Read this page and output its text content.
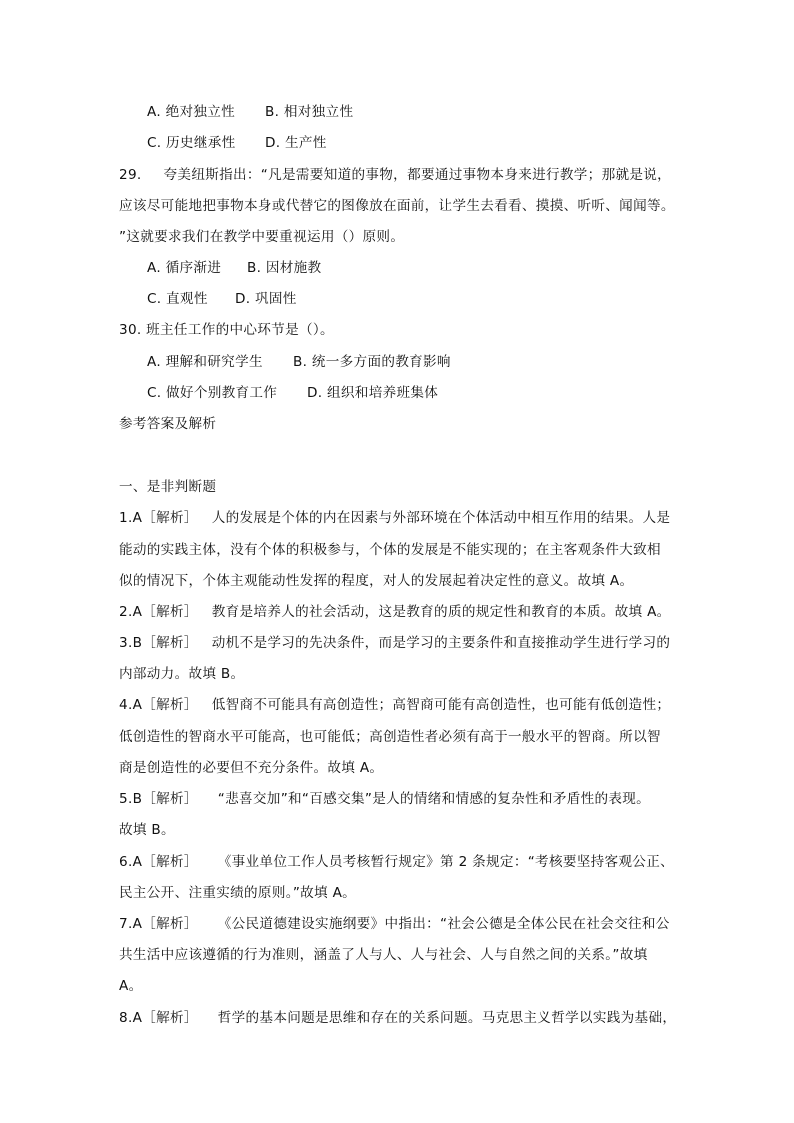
A. 绝对独立性 B. 相对独立性
C. 历史继承性 D. 生产性
29. 夸美纽斯指出：“凡是需要知道的事物，都要通过事物本身来进行教学；那就是说，
应该尽可能地把事物本身或代替它的图像放在面前，让学生去看看、摸摸、听听、闻闻等。
”这就要求我们在教学中要重视运用（）原则。
A. 循序渐进 B. 因材施教
C. 直观性 D. 巩固性
30. 班主任工作的中心环节是（）。
A. 理解和研究学生 B. 统一多方面的教育影响
C. 做好个别教育工作 D. 组织和培养班集体
参考答案及解析
一、是非判断题
1.A［解析］ 人的发展是个体的内在因素与外部环境在个体活动中相互作用的结果。人是
能动的实践主体，没有个体的积极参与，个体的发展是不能实现的；在主客观条件大致相
似的情况下，个体主观能动性发挥的程度，对人的发展起着决定性的意义。故填 A。
2.A［解析］ 教育是培养人的社会活动，这是教育的质的规定性和教育的本质。故填 A。
3.B［解析］ 动机不是学习的先决条件，而是学习的主要条件和直接推动学生进行学习的
内部动力。故填 B。
4.A［解析］ 低智商不可能具有高创造性；高智商可能有高创造性，也可能有低创造性；
低创造性的智商水平可能高，也可能低；高创造性者必须有高于一般水平的智商。所以智
商是创造性的必要但不充分条件。故填 A。
5.B［解析］ “悲喜交加”和“百感交集”是人的情绪和情感的复杂性和矛盾性的表现。
故填 B。
6.A［解析］ 《事业单位工作人员考核暂行规定》第 2 条规定：“考核要坚持客观公正、
民主公开、注重实绩的原则。”故填 A。
7.A［解析］ 《公民道德建设实施纲要》中指出：“社会公德是全体公民在社会交往和公
共生活中应该遵循的行为准则，涵盖了人与人、人与社会、人与自然之间的关系。”故填
A。
8.A［解析］ 哲学的基本问题是思维和存在的关系问题。马克思主义哲学以实践为基础，
